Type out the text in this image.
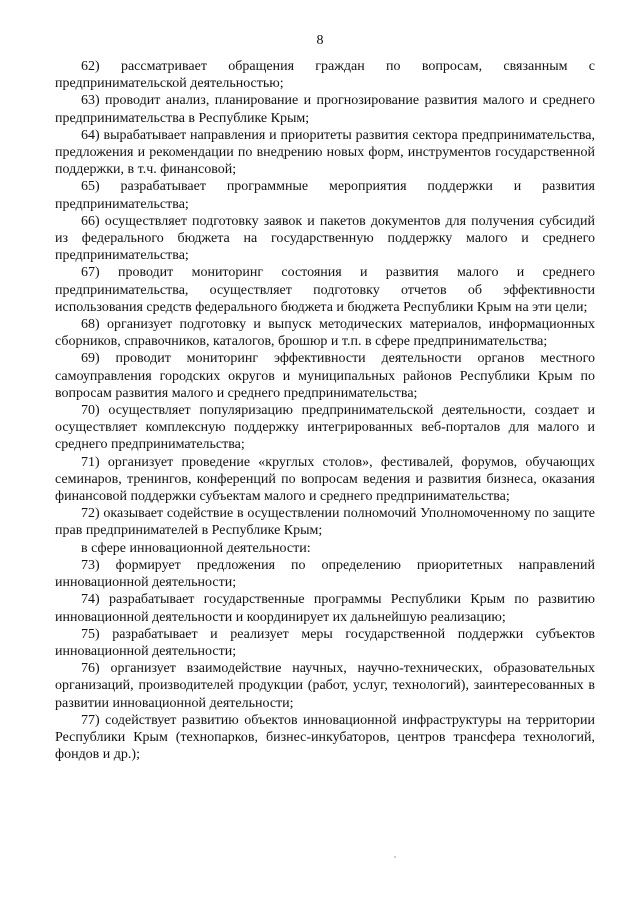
8

62) рассматривает обращения граждан по вопросам, связанным с предпринимательской деятельностью;

63) проводит анализ, планирование и прогнозирование развития малого и среднего предпринимательства в Республике Крым;

64) вырабатывает направления и приоритеты развития сектора предпринимательства, предложения и рекомендации по внедрению новых форм, инструментов государственной поддержки, в т.ч. финансовой;

65) разрабатывает программные мероприятия поддержки и развития предпринимательства;

66) осуществляет подготовку заявок и пакетов документов для получения субсидий из федерального бюджета на государственную поддержку малого и среднего предпринимательства;

67) проводит мониторинг состояния и развития малого и среднего предпринимательства, осуществляет подготовку отчетов об эффективности использования средств федерального бюджета и бюджета Республики Крым на эти цели;

68) организует подготовку и выпуск методических материалов, информационных сборников, справочников, каталогов, брошюр и т.п. в сфере предпринимательства;

69) проводит мониторинг эффективности деятельности органов местного самоуправления городских округов и муниципальных районов Республики Крым по вопросам развития малого и среднего предпринимательства;

70) осуществляет популяризацию предпринимательской деятельности, создает и осуществляет комплексную поддержку интегрированных веб-порталов для малого и среднего предпринимательства;

71) организует проведение «круглых столов», фестивалей, форумов, обучающих семинаров, тренингов, конференций по вопросам ведения и развития бизнеса, оказания финансовой поддержки субъектам малого и среднего предпринимательства;

72) оказывает содействие в осуществлении полномочий Уполномоченному по защите прав предпринимателей в Республике Крым;

в сфере инновационной деятельности:

73) формирует предложения по определению приоритетных направлений инновационной деятельности;

74) разрабатывает государственные программы Республики Крым по развитию инновационной деятельности и координирует их дальнейшую реализацию;

75) разрабатывает и реализует меры государственной поддержки субъектов инновационной деятельности;

76) организует взаимодействие научных, научно-технических, образовательных организаций, производителей продукции (работ, услуг, технологий), заинтересованных в развитии инновационной деятельности;

77) содействует развитию объектов инновационной инфраструктуры на территории Республики Крым (технопарков, бизнес-инкубаторов, центров трансфера технологий, фондов и др.);
